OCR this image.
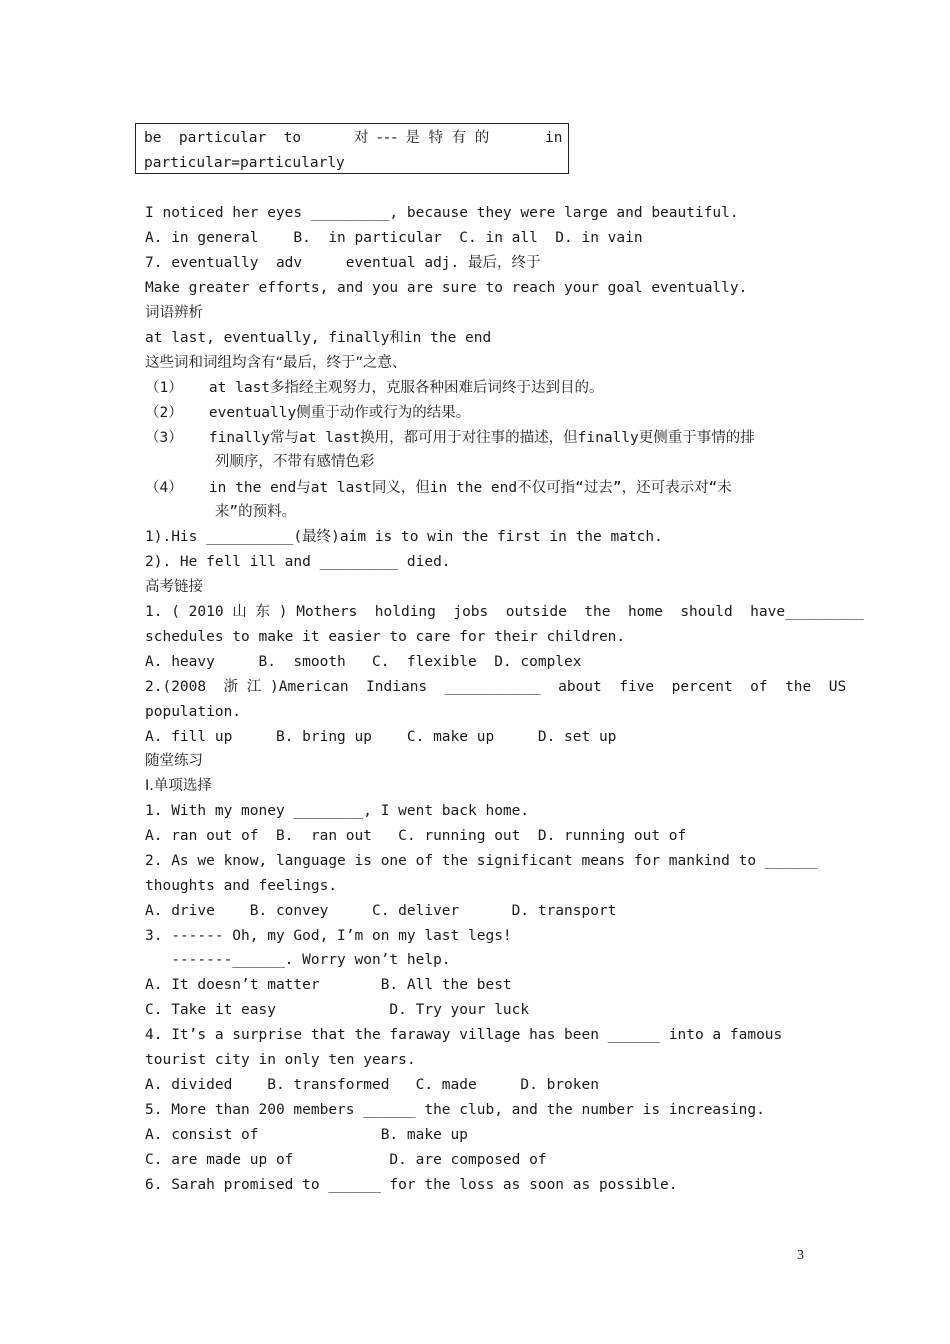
be  particular  to	对 --- 是 特 有 的	in
particular=particularly
I noticed her eyes _________, because they were large and beautiful.
A. in general    B.  in particular  C. in all  D. in vain
7. eventually  adv     eventual adj. 最后，终于
Make greater efforts, and you are sure to reach your goal eventually.
词语辨析
at last, eventually, finally和in the end
这些词和词组均含有“最后，终于”之意、
（1）   at last多指经主观努力，克服各种困难后词终于达到目的。
（2）   eventually侧重于动作或行为的结果。
（3）   finally常与at last换用，都可用于对往事的描述，但finally更侧重于事情的排
列顺序，不带有感情色彩
（4）   in the end与at last同义，但in the end不仅可指“过去”，还可表示对“未
来”的预料。
1).His __________(最终)aim is to win the first in the match.
2). He fell ill and _________ died.
高考链接
1. ( 2010 山 东 ) Mothers  holding  jobs  outside  the  home  should  have_________
schedules to make it easier to care for their children.
A. heavy     B.  smooth   C.  flexible  D. complex
2.(2008  浙 江 )American  Indians  ___________  about  five  percent  of  the  US
population.
A. fill up     B. bring up    C. make up     D. set up
随堂练习
I.单项选择
1. With my money ________, I went back home.
A. ran out of  B.  ran out   C. running out  D. running out of
2. As we know, language is one of the significant means for mankind to ______
thoughts and feelings.
A. drive    B. convey     C. deliver      D. transport
3. ------ Oh, my God, I’m on my last legs!
-------______. Worry won’t help.
A. It doesn’t matter       B. All the best
C. Take it easy             D. Try your luck
4. It’s a surprise that the faraway village has been ______ into a famous
tourist city in only ten years.
A. divided    B. transformed   C. made     D. broken
5. More than 200 members ______ the club, and the number is increasing.
A. consist of              B. make up
C. are made up of           D. are composed of
6. Sarah promised to ______ for the loss as soon as possible.
3
